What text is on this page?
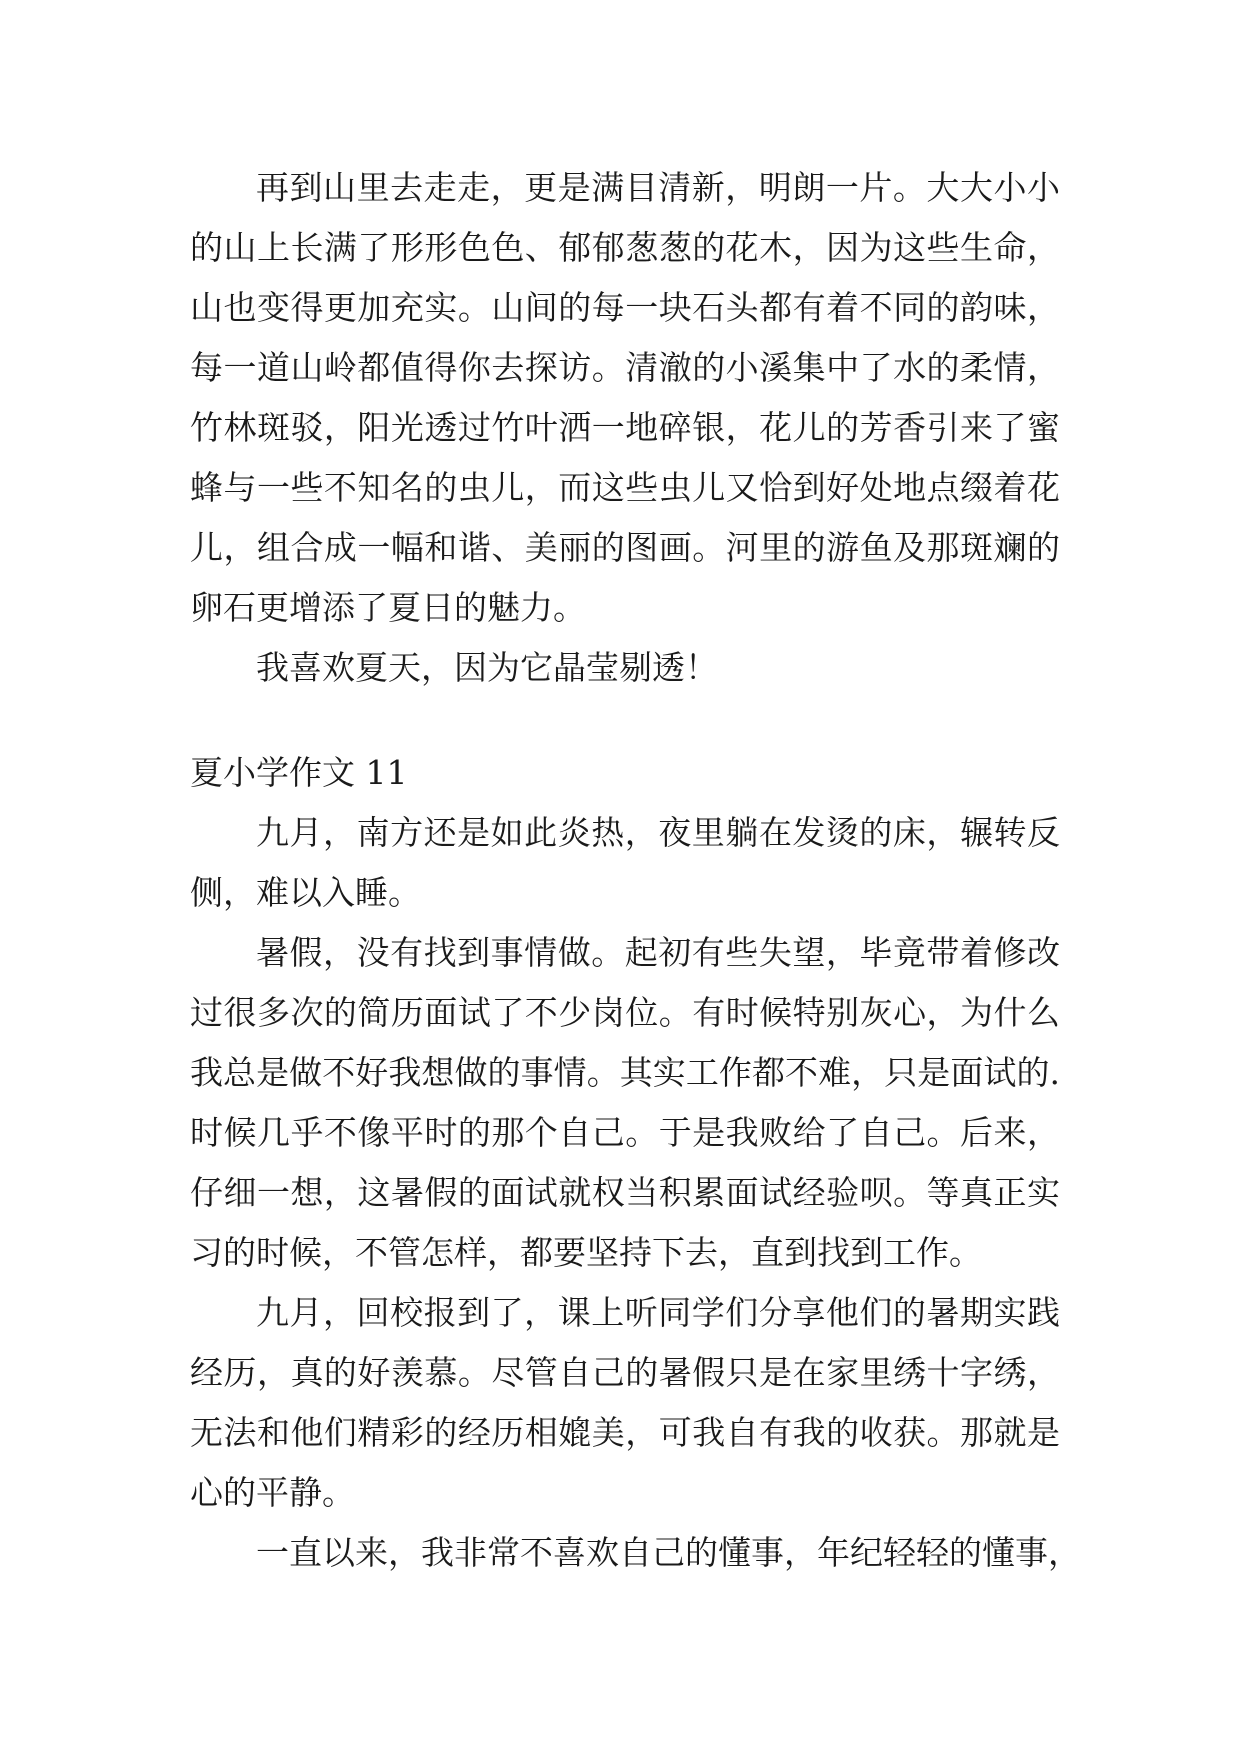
再到山里去走走，更是满目清新，明朗一片。大大小小
的山上长满了形形色色、郁郁葱葱的花木，因为这些生命，
山也变得更加充实。山间的每一块石头都有着不同的韵味，
每一道山岭都值得你去探访。清澈的小溪集中了水的柔情，
竹林斑驳，阳光透过竹叶洒一地碎银，花儿的芳香引来了蜜
蜂与一些不知名的虫儿，而这些虫儿又恰到好处地点缀着花
儿，组合成一幅和谐、美丽的图画。河里的游鱼及那斑斓的
卵石更增添了夏日的魅力。
我喜欢夏天，因为它晶莹剔透！
夏小学作文 11
九月，南方还是如此炎热，夜里躺在发烫的床，辗转反
侧，难以入睡。
暑假，没有找到事情做。起初有些失望，毕竟带着修改
过很多次的简历面试了不少岗位。有时候特别灰心，为什么
我总是做不好我想做的事情。其实工作都不难，只是面试的.
时候几乎不像平时的那个自己。于是我败给了自己。后来，
仔细一想，这暑假的面试就权当积累面试经验呗。等真正实
习的时候，不管怎样，都要坚持下去，直到找到工作。
九月，回校报到了，课上听同学们分享他们的暑期实践
经历，真的好羡慕。尽管自己的暑假只是在家里绣十字绣，
无法和他们精彩的经历相媲美，可我自有我的收获。那就是
心的平静。
一直以来，我非常不喜欢自己的懂事，年纪轻轻的懂事，
